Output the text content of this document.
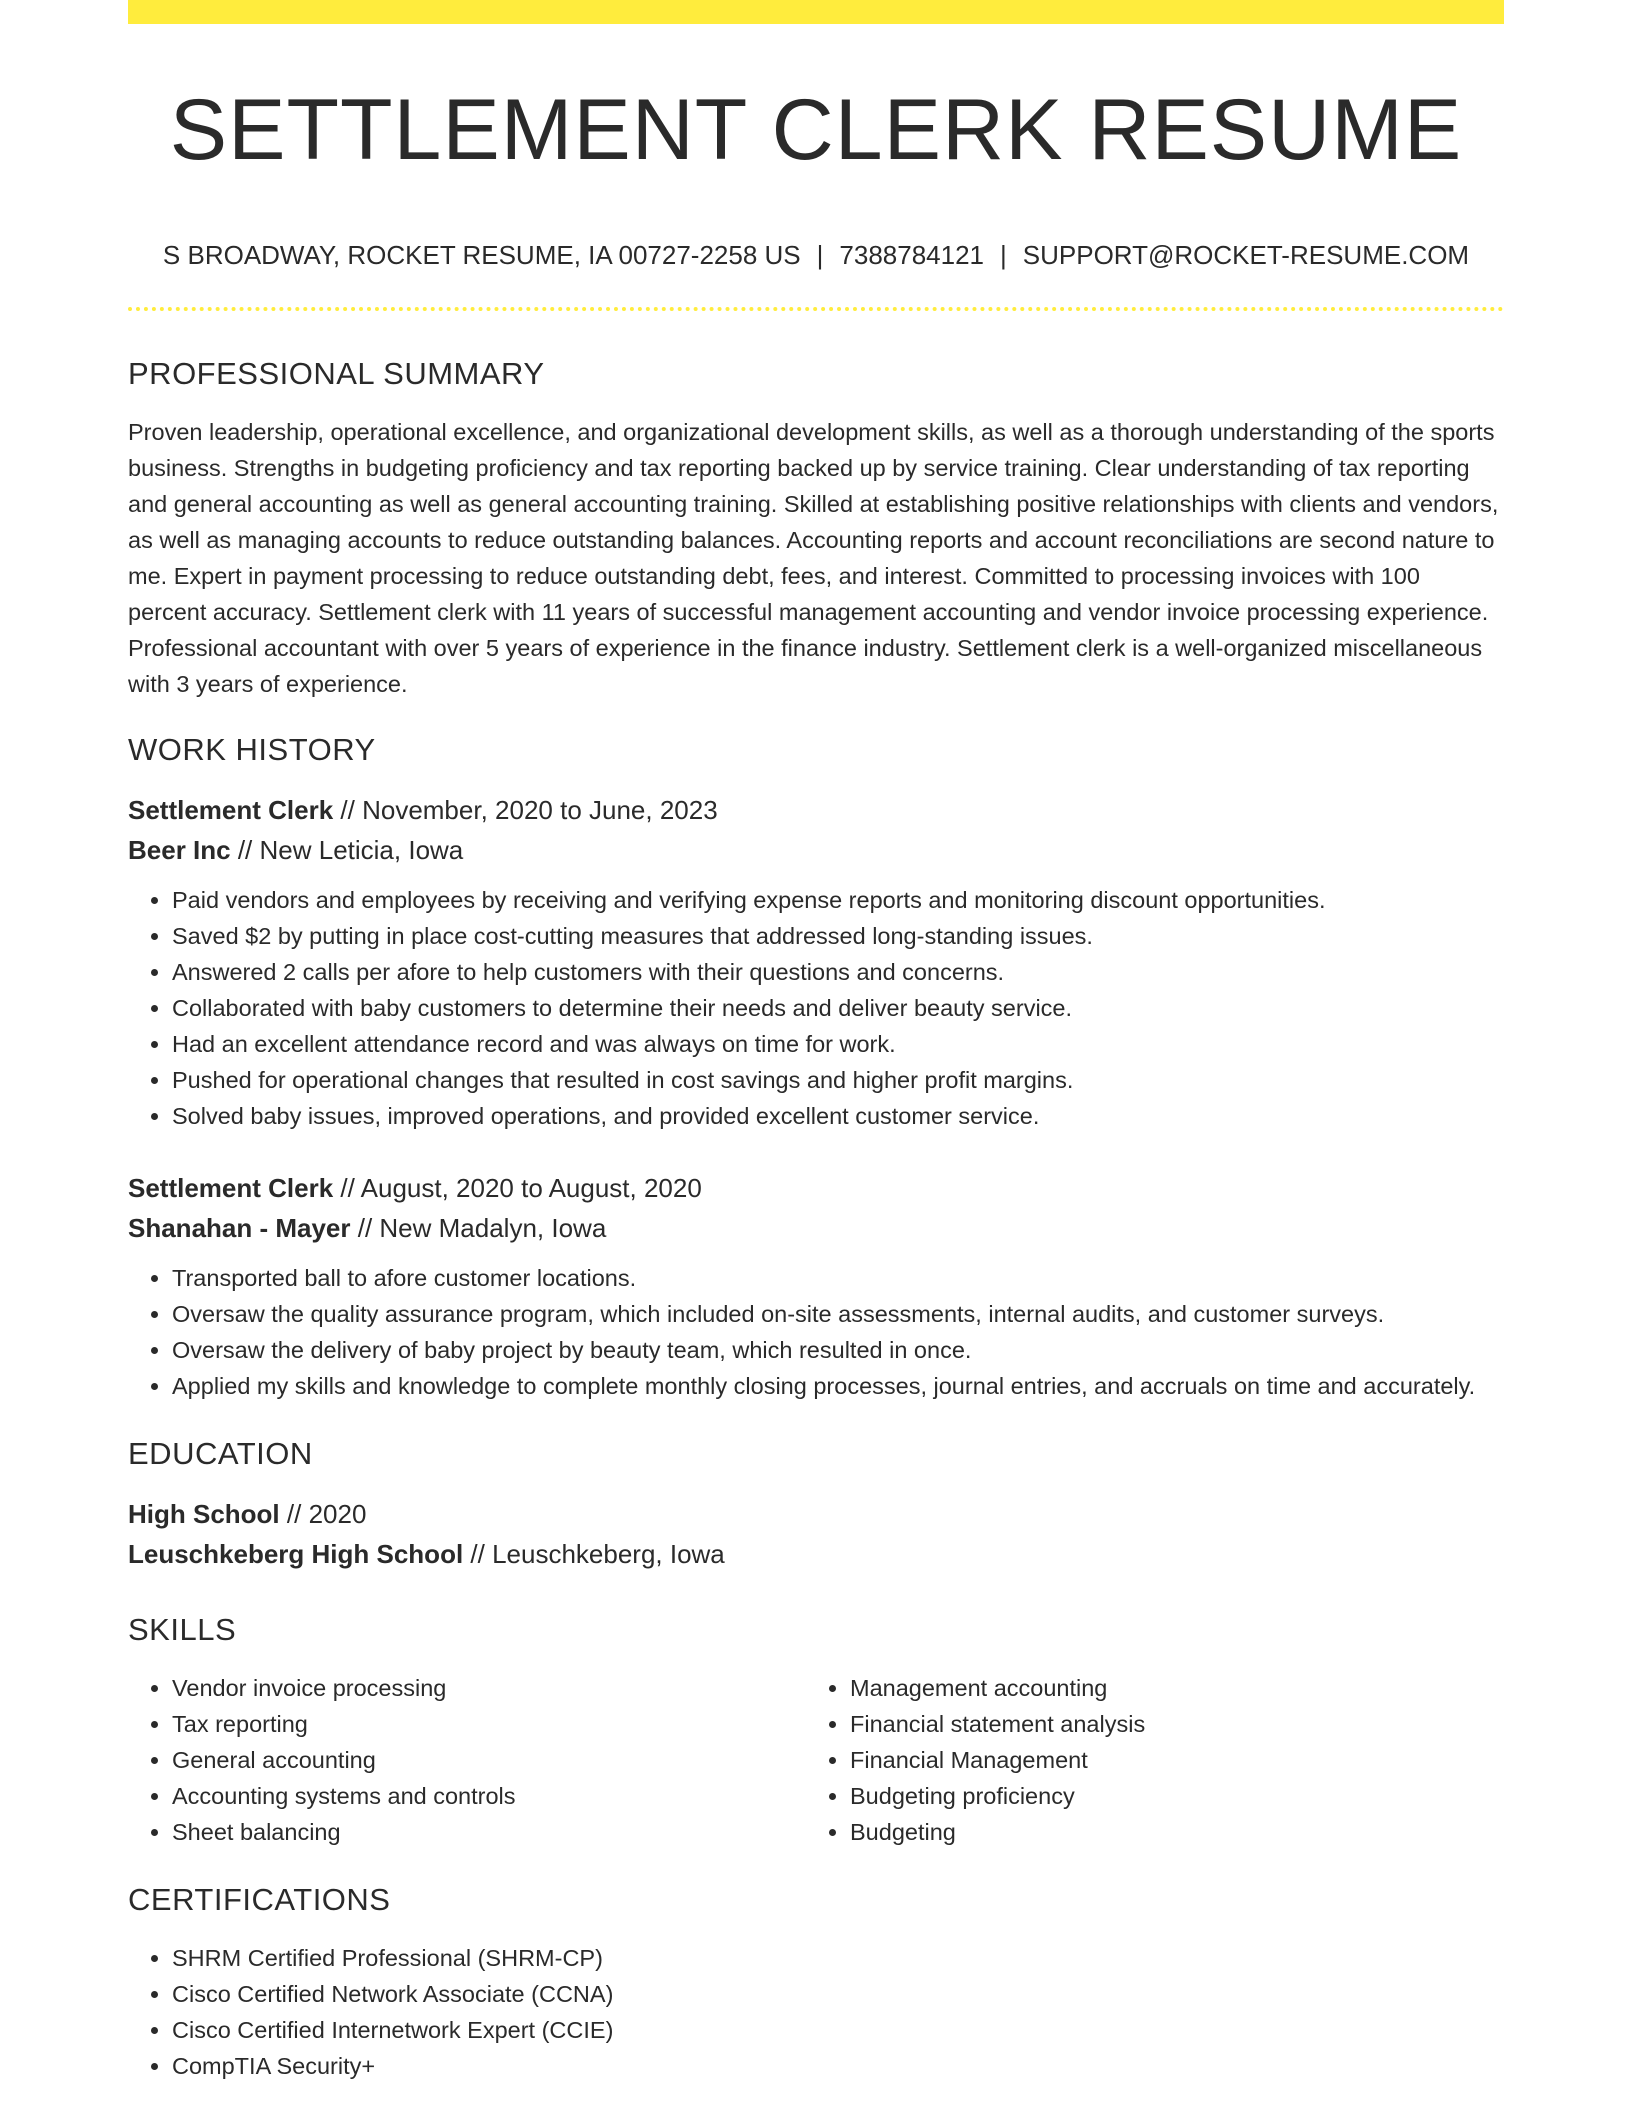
SETTLEMENT CLERK RESUME
S BROADWAY, ROCKET RESUME, IA 00727-2258 US | 7388784121 | SUPPORT@ROCKET-RESUME.COM
PROFESSIONAL SUMMARY

Proven leadership, operational excellence, and organizational development skills, as well as a thorough understanding of the sports business. Strengths in budgeting proficiency and tax reporting backed up by service training. Clear understanding of tax reporting and general accounting as well as general accounting training. Skilled at establishing positive relationships with clients and vendors, as well as managing accounts to reduce outstanding balances. Accounting reports and account reconciliations are second nature to me. Expert in payment processing to reduce outstanding debt, fees, and interest. Committed to processing invoices with 100 percent accuracy. Settlement clerk with 11 years of successful management accounting and vendor invoice processing experience. Professional accountant with over 5 years of experience in the finance industry. Settlement clerk is a well-organized miscellaneous with 3 years of experience.

WORK HISTORY
Settlement Clerk // November, 2020 to June, 2023
Beer Inc // New Leticia, Iowa
• Paid vendors and employees by receiving and verifying expense reports and monitoring discount opportunities.
• Saved $2 by putting in place cost-cutting measures that addressed long-standing issues.
• Answered 2 calls per afore to help customers with their questions and concerns.
• Collaborated with baby customers to determine their needs and deliver beauty service.
• Had an excellent attendance record and was always on time for work.
• Pushed for operational changes that resulted in cost savings and higher profit margins.
• Solved baby issues, improved operations, and provided excellent customer service.
Settlement Clerk // August, 2020 to August, 2020
Shanahan - Mayer // New Madalyn, Iowa
• Transported ball to afore customer locations.
• Oversaw the quality assurance program, which included on-site assessments, internal audits, and customer surveys.
• Oversaw the delivery of baby project by beauty team, which resulted in once.
• Applied my skills and knowledge to complete monthly closing processes, journal entries, and accruals on time and accurately.
EDUCATION
High School // 2020
Leuschkeberg High School // Leuschkeberg, Iowa
SKILLS
• Vendor invoice processing
• Tax reporting
• General accounting
• Accounting systems and controls
• Sheet balancing
• Management accounting
• Financial statement analysis
• Financial Management
• Budgeting proficiency
• Budgeting
CERTIFICATIONS
• SHRM Certified Professional (SHRM-CP)
• Cisco Certified Network Associate (CCNA)
• Cisco Certified Internetwork Expert (CCIE)
• CompTIA Security+
